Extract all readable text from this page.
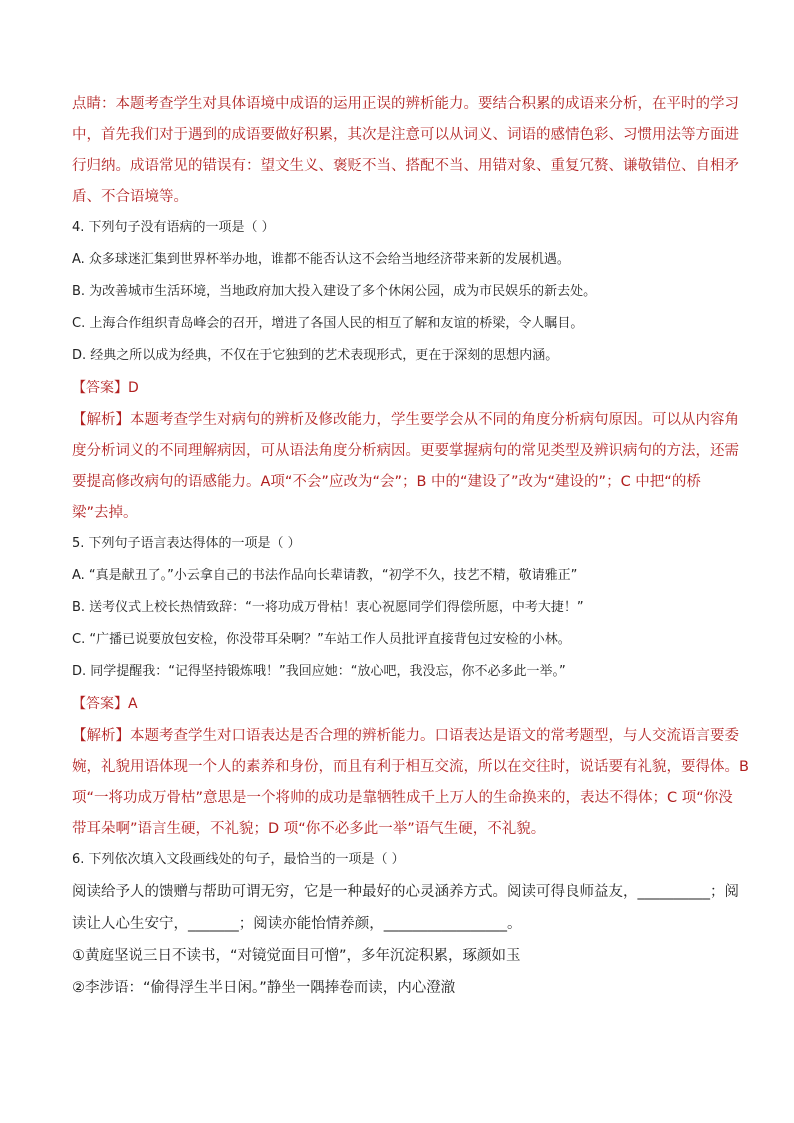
点睛：本题考查学生对具体语境中成语的运用正误的辨析能力。要结合积累的成语来分析，在平时的学习
中，首先我们对于遇到的成语要做好积累，其次是注意可以从词义、词语的感情色彩、习惯用法等方面进
行归纳。成语常见的错误有：望文生义、褒贬不当、搭配不当、用错对象、重复冗赘、谦敬错位、自相矛
盾、不合语境等。
4. 下列句子没有语病的一项是（ ）
A. 众多球迷汇集到世界杯举办地，谁都不能否认这不会给当地经济带来新的发展机遇。
B. 为改善城市生活环境，当地政府加大投入建设了多个休闲公园，成为市民娱乐的新去处。
C. 上海合作组织青岛峰会的召开，增进了各国人民的相互了解和友谊的桥梁，令人瞩目。
D. 经典之所以成为经典，不仅在于它独到的艺术表现形式，更在于深刻的思想内涵。
【答案】D
【解析】本题考查学生对病句的辨析及修改能力，学生要学会从不同的角度分析病句原因。可以从内容角
度分析词义的不同理解病因，可从语法角度分析病因。更要掌握病句的常见类型及辨识病句的方法，还需
要提高修改病句的语感能力。A项“不会”应改为“会”；B 中的“建设了”改为“建设的”；C 中把“的桥
梁”去掉。
5. 下列句子语言表达得体的一项是（ ）
A. “真是献丑了。”小云拿自己的书法作品向长辈请教，“初学不久，技艺不精，敬请雅正”
B. 送考仪式上校长热情致辞：“一将功成万骨枯！衷心祝愿同学们得偿所愿，中考大捷！”
C. “广播已说要放包安检，你没带耳朵啊？”车站工作人员批评直接背包过安检的小林。
D. 同学提醒我：“记得坚持锻炼哦！”我回应她：“放心吧，我没忘，你不必多此一举。”
【答案】A
【解析】本题考查学生对口语表达是否合理的辨析能力。口语表达是语文的常考题型，与人交流语言要委
婉，礼貌用语体现一个人的素养和身份，而且有利于相互交流，所以在交往时，说话要有礼貌，要得体。B
项“一将功成万骨枯”意思是一个将帅的成功是靠牺牲成千上万人的生命换来的，表达不得体；C 项“你没
带耳朵啊”语言生硬，不礼貌；D 项“你不必多此一举”语气生硬，不礼貌。
6. 下列依次填入文段画线处的句子，最恰当的一项是（ ）
阅读给予人的馈赠与帮助可谓无穷，它是一种最好的心灵涵养方式。阅读可得良师益友，__________；阅
读让人心生安宁，_______；阅读亦能怡情养颜，_________________。
①黄庭坚说三日不读书，“对镜觉面目可憎”，多年沉淀积累，琢颜如玉
②李涉语：“偷得浮生半日闲。”静坐一隅捧卷而读，内心澄澈
